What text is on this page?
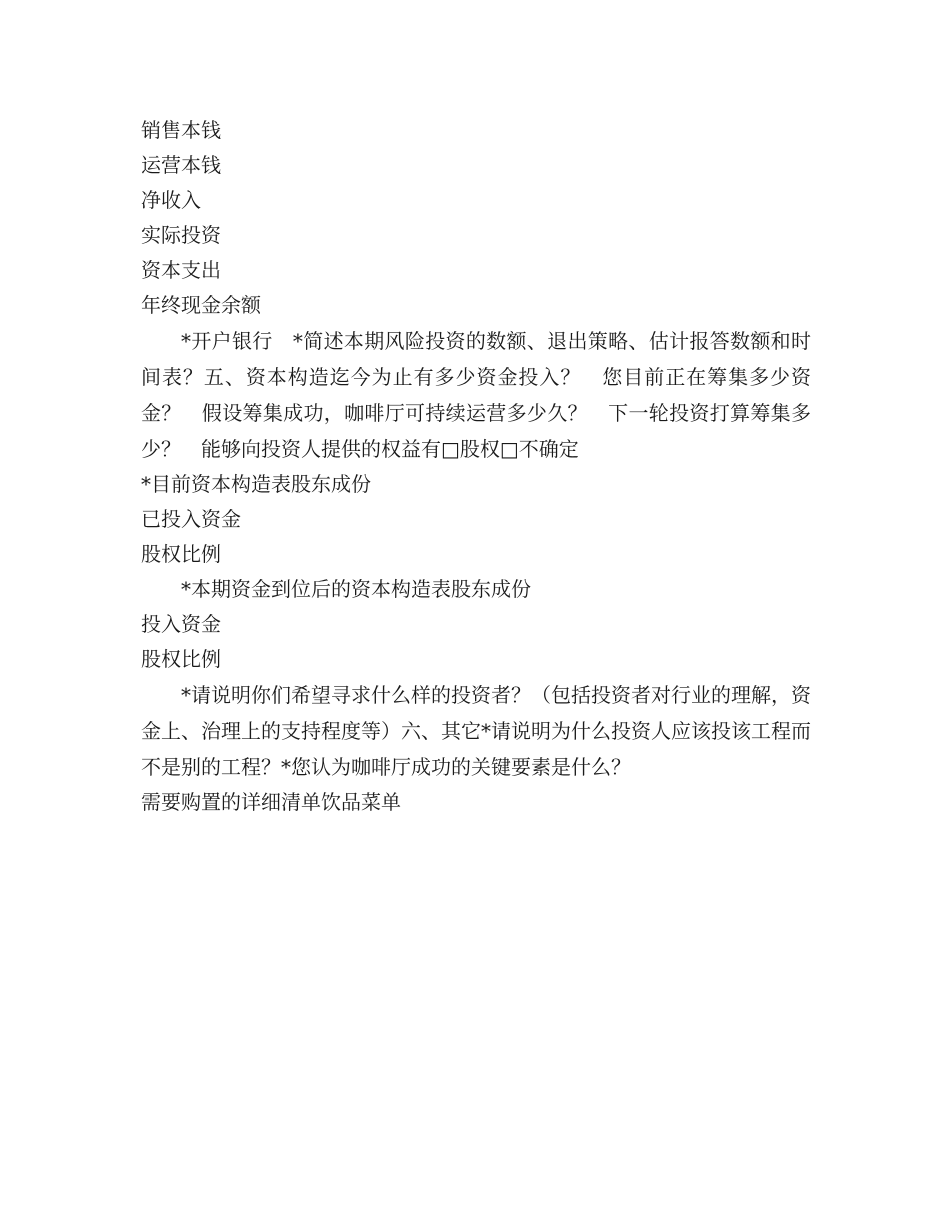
销售本钱
运营本钱
净收入
实际投资
资本支出
年终现金余额
*开户银行　*简述本期风险投资的数额、退出策略、估计报答数额和时间表？五、资本构造迄今为止有多少资金投入？　您目前正在筹集多少资金？　假设筹集成功，咖啡厅可持续运营多少久？　下一轮投资打算筹集多少？　能够向投资人提供的权益有□股权□不确定
*目前资本构造表股东成份
已投入资金
股权比例
*本期资金到位后的资本构造表股东成份
投入资金
股权比例
*请说明你们希望寻求什么样的投资者？（包括投资者对行业的理解，资金上、治理上的支持程度等）六、其它*请说明为什么投资人应该投该工程而不是别的工程？*您认为咖啡厅成功的关键要素是什么？
需要购置的详细清单饮品菜单
